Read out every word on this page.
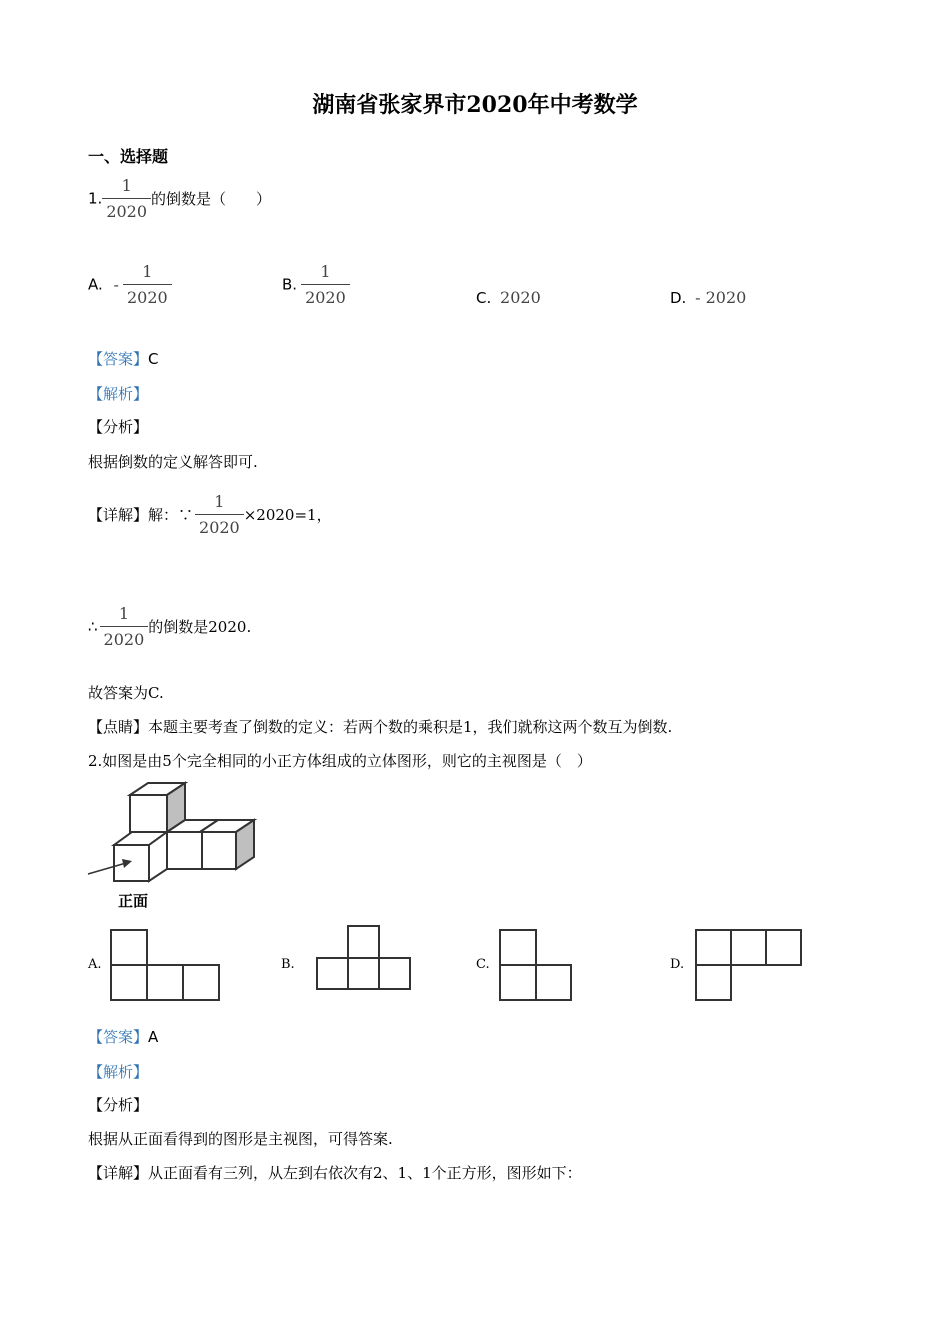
湖南省张家界市2020年中考数学
一、选择题
1. $\frac{1}{2020}$ 的倒数是（　　）
A. - $\frac{1}{2020}$	B. $\frac{1}{2020}$	C. 2020	D. - 2020
【答案】C
【解析】
【分析】
根据倒数的定义解答即可.
【详解】解：∵ $\frac{1}{2020} \times 2020=1$，
∴ $\frac{1}{2020}$ 的倒数是2020.
故答案为C.
【点睛】本题主要考查了倒数的定义：若两个数的乘积是1，我们就称这两个数互为倒数.
2.如图是由5个完全相同的小正方体组成的立体图形，则它的主视图是（　）
正面
A.	B.	C.	D.
【答案】A
【解析】
【分析】
根据从正面看得到的图形是主视图，可得答案.
【详解】从正面看有三列，从左到右依次有2、1、1个正方形，图形如下：
